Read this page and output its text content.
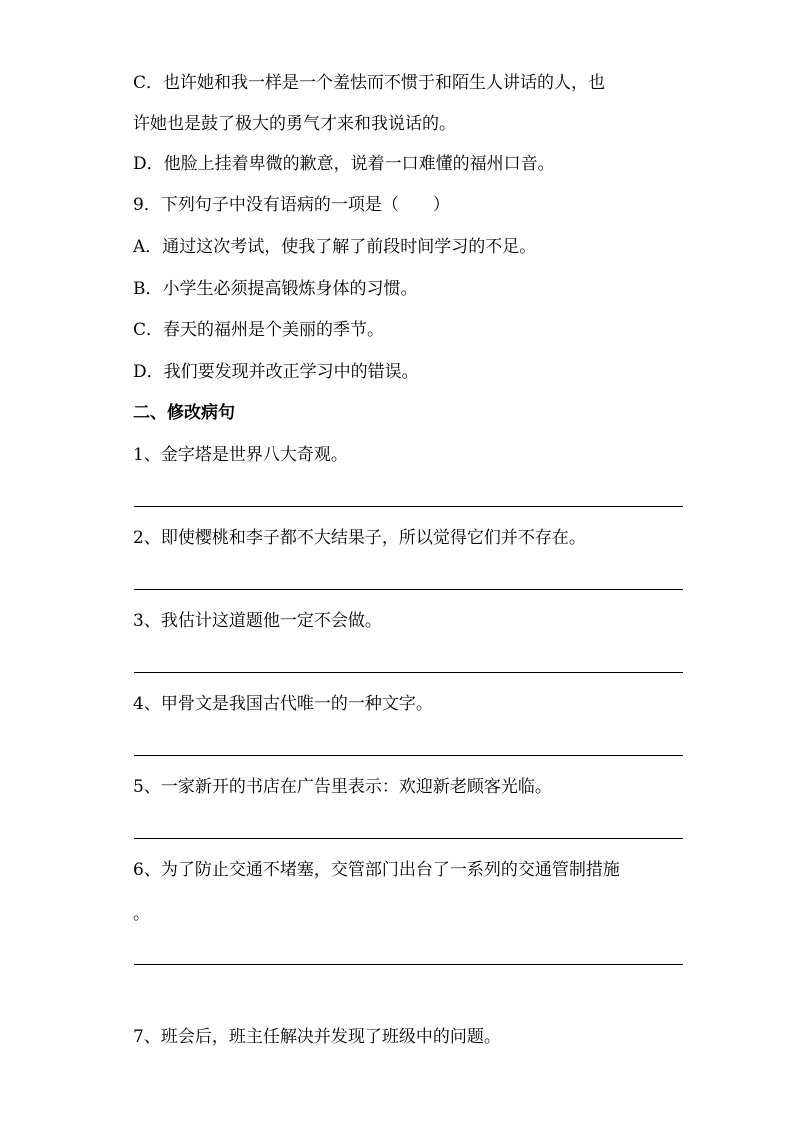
C．也许她和我一样是一个羞怯而不惯于和陌生人讲话的人，也
许她也是鼓了极大的勇气才来和我说话的。
D．他脸上挂着卑微的歉意，说着一口难懂的福州口音。
9．下列句子中没有语病的一项是（　　）
A．通过这次考试，使我了解了前段时间学习的不足。
B．小学生必须提高锻炼身体的习惯。
C．春天的福州是个美丽的季节。
D．我们要发现并改正学习中的错误。
二、修改病句
1、金字塔是世界八大奇观。
2、即使樱桃和李子都不大结果子，所以觉得它们并不存在。
3、我估计这道题他一定不会做。
4、甲骨文是我国古代唯一的一种文字。
5、一家新开的书店在广告里表示：欢迎新老顾客光临。
6、为了防止交通不堵塞，交管部门出台了一系列的交通管制措施
。
7、班会后，班主任解决并发现了班级中的问题。
